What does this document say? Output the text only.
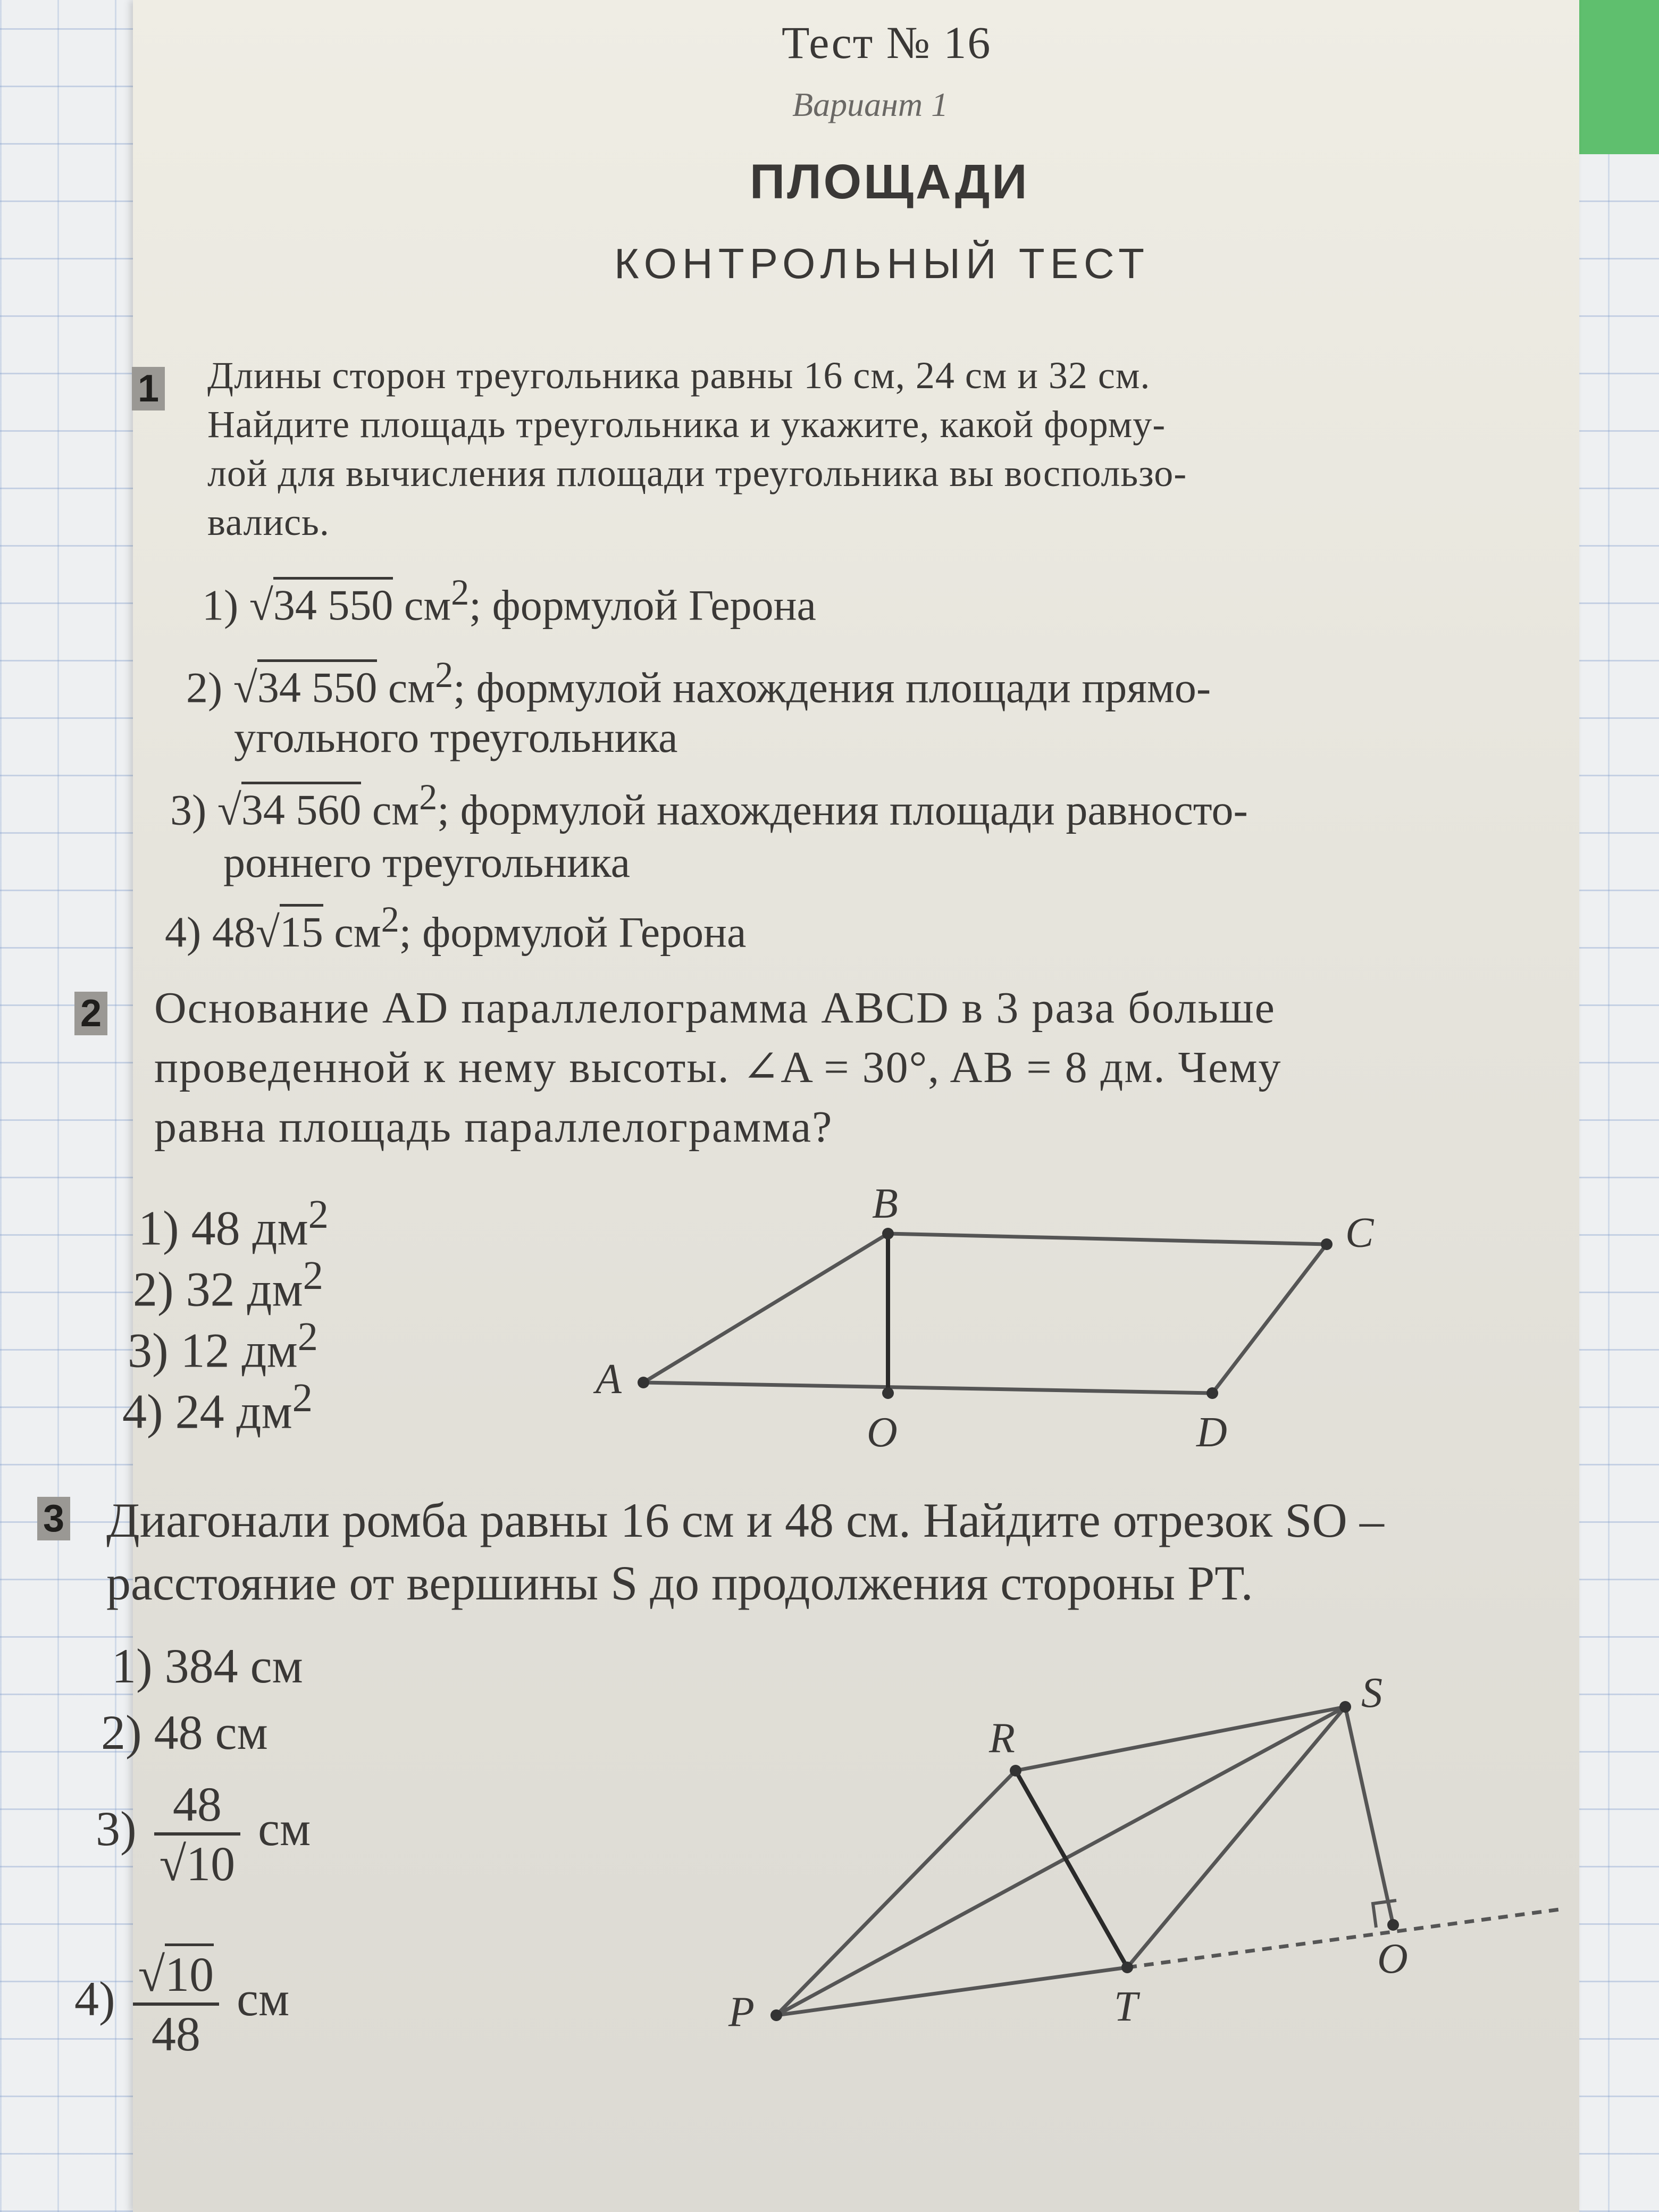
Тест № 16
Вариант 1
ПЛОЩАДИ
КОНТРОЛЬНЫЙ ТЕСТ
1 Длины сторон треугольника равны 16 см, 24 см и 32 см.
Найдите площадь треугольника и укажите, какой форму-
лой для вычисления площади треугольника вы воспользо-
вались.
1) √34 550 $см^2$; формулой Герона
2) √34 550 $см^2$; формулой нахождения площади прямо-
угольного треугольника
3) √34 560 $см^2$; формулой нахождения площади равносто-
роннего треугольника
4) 48√15 $см^2$; формулой Герона
2 Основание AD параллелограмма ABCD в 3 раза больше
проведенной к нему высоты. ∠A = 30°, AB = 8 дм. Чему
равна площадь параллелограмма?
1) 48 $дм^2$
2) 32 $дм^2$
3) 12 $дм^2$
4) 24 $дм^2$	A
B
C
D
O
3 Диагонали ромба равны 16 см и 48 см. Найдите отрезок SO –
расстояние от вершины S до продолжения стороны PT.
1) 384 см
2) 48 см
$3) \frac{48}{√10}$ см
$4) \frac{√10}{48}$ см	P
R
S
T
O
